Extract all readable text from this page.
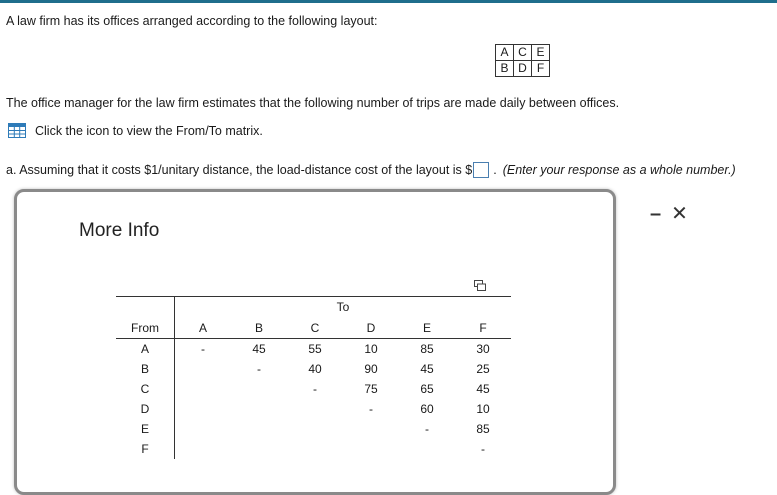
A law firm has its offices arranged according to the following layout:
A	C	E
B	D	F
The office manager for the law firm estimates that the following number of trips are made daily between offices.
Click the icon to view the From/To matrix.
a. Assuming that it costs $1/unitary distance, the load-distance cost of the layout is $ . (Enter your response as a whole number.)
More Info
– ✕
	To					
From	A	B	C	D	E	F
A	-	45	55	10	85	30
B		-	40	90	45	25
C			-	75	65	45
D				-	60	10
E					-	85
F						-
